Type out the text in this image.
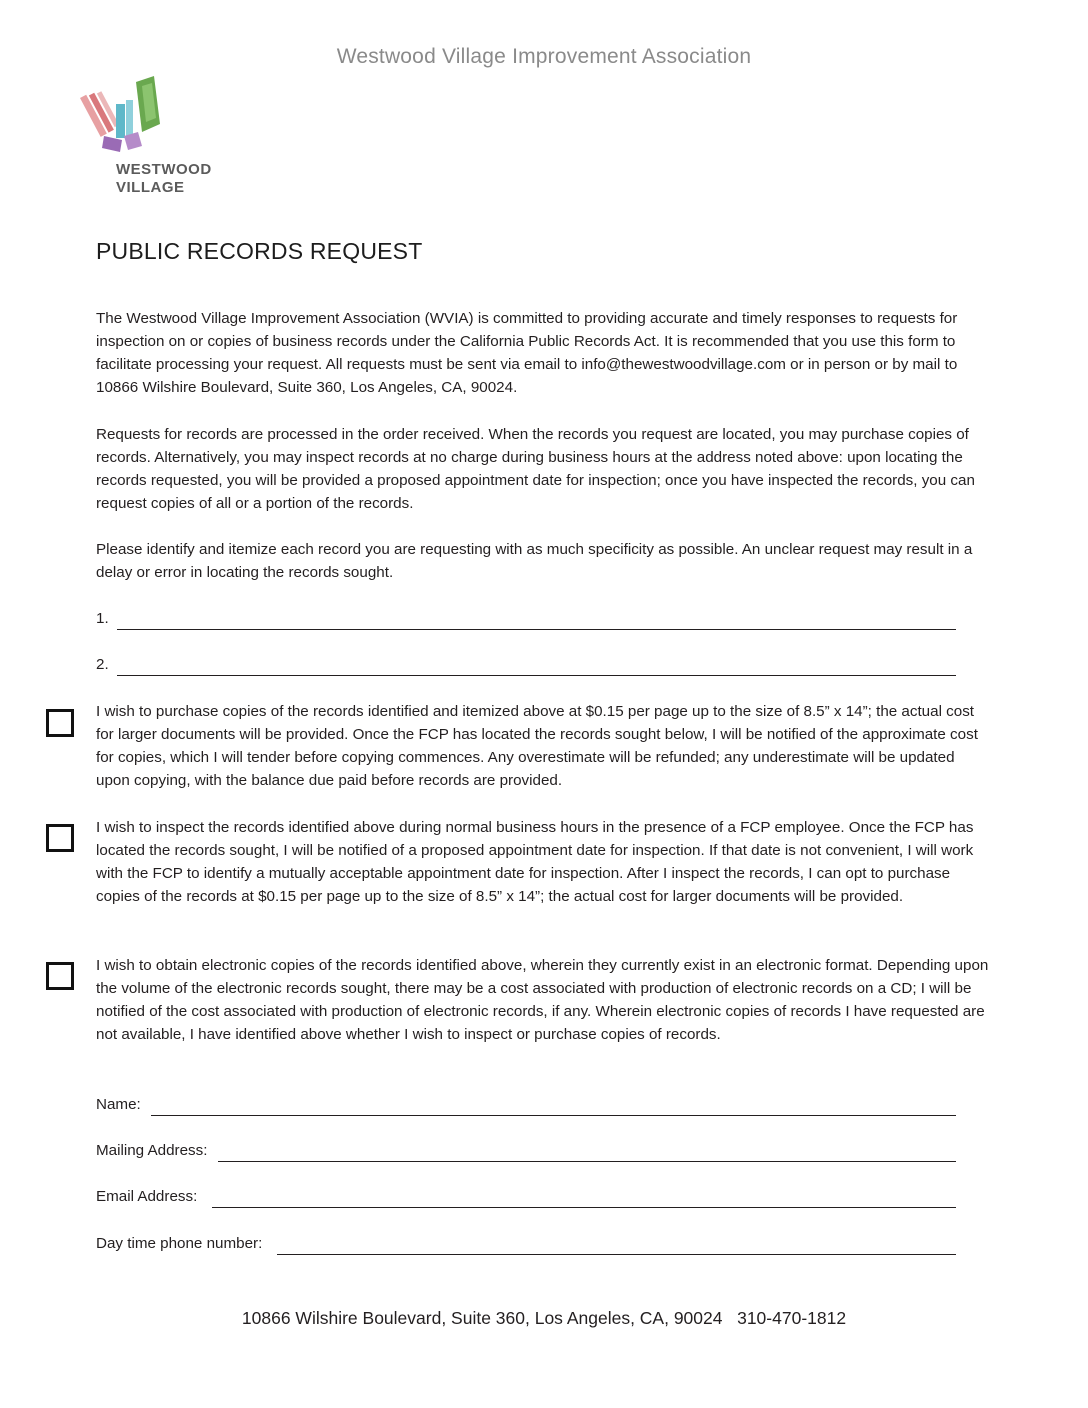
Westwood Village Improvement Association
WESTWOOD
VILLAGE
PUBLIC RECORDS REQUEST

The Westwood Village Improvement Association (WVIA) is committed to providing accurate and timely responses to requests for inspection on or copies of business records under the California Public Records Act. It is recommended that you use this form to facilitate processing your request. All requests must be sent via email to info@thewestwoodvillage.com or in person or by mail to 10866 Wilshire Boulevard, Suite 360, Los Angeles, CA, 90024.

Requests for records are processed in the order received. When the records you request are located, you may purchase copies of records. Alternatively, you may inspect records at no charge during business hours at the address noted above: upon locating the records requested, you will be provided a proposed appointment date for inspection; once you have inspected the records, you can request copies of all or a portion of the records.

Please identify and itemize each record you are requesting with as much specificity as possible. An unclear request may result in a delay or error in locating the records sought.

1.
2.

I wish to purchase copies of the records identified and itemized above at $0.15 per page up to the size of 8.5” x 14”; the actual cost for larger documents will be provided. Once the FCP has located the records sought below, I will be notified of the approximate cost for copies, which I will tender before copying commences. Any overestimate will be refunded; any underestimate will be updated upon copying, with the balance due paid before records are provided.

I wish to inspect the records identified above during normal business hours in the presence of a FCP employee. Once the FCP has located the records sought, I will be notified of a proposed appointment date for inspection. If that date is not convenient, I will work with the FCP to identify a mutually acceptable appointment date for inspection. After I inspect the records, I can opt to purchase copies of the records at $0.15 per page up to the size of 8.5” x 14”; the actual cost for larger documents will be provided.

I wish to obtain electronic copies of the records identified above, wherein they currently exist in an electronic format. Depending upon the volume of the electronic records sought, there may be a cost associated with production of electronic records on a CD; I will be notified of the cost associated with production of electronic records, if any. Wherein electronic copies of records I have requested are not available, I have identified above whether I wish to inspect or purchase copies of records.

Name:
Mailing Address:
Email Address:
Day time phone number:
10866 Wilshire Boulevard, Suite 360, Los Angeles, CA, 90024 310-470-1812
